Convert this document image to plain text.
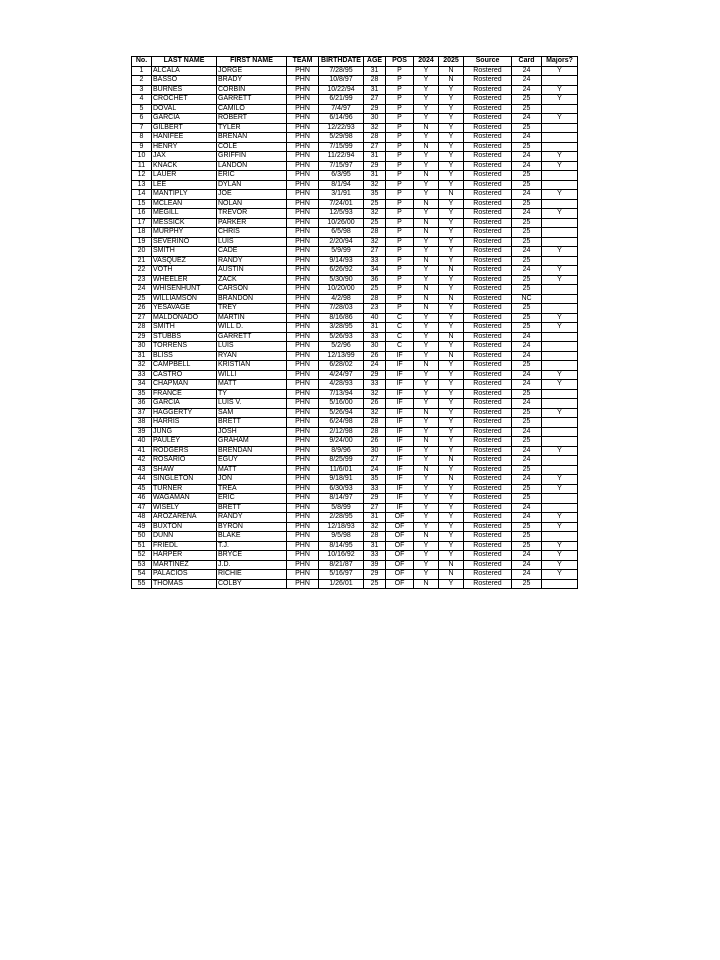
No.	LAST NAME	FIRST NAME	TEAM	BIRTHDATE	AGE	POS	2024	2025	Source	Card	Majors?
1	ALCALA	JORGE	PHN	7/28/95	31	P	Y	N	Rostered	24	Y
2	BASSO	BRADY	PHN	10/8/97	28	P	Y	N	Rostered	24	
3	BURNES	CORBIN	PHN	10/22/94	31	P	Y	Y	Rostered	24	Y
4	CROCHET	GARRETT	PHN	6/21/99	27	P	Y	Y	Rostered	25	Y
5	DOVAL	CAMILO	PHN	7/4/97	29	P	Y	Y	Rostered	25	
6	GARCIA	ROBERT	PHN	6/14/96	30	P	Y	Y	Rostered	24	Y
7	GILBERT	TYLER	PHN	12/22/93	32	P	N	Y	Rostered	25	
8	HANIFEE	BRENAN	PHN	5/29/98	28	P	Y	Y	Rostered	24	
9	HENRY	COLE	PHN	7/15/99	27	P	N	Y	Rostered	25	
10	JAX	GRIFFIN	PHN	11/22/94	31	P	Y	Y	Rostered	24	Y
11	KNACK	LANDON	PHN	7/15/97	29	P	Y	Y	Rostered	24	Y
12	LAUER	ERIC	PHN	6/3/95	31	P	N	Y	Rostered	25	
13	LEE	DYLAN	PHN	8/1/94	32	P	Y	Y	Rostered	25	
14	MANTIPLY	JOE	PHN	3/1/91	35	P	Y	N	Rostered	24	Y
15	MCLEAN	NOLAN	PHN	7/24/01	25	P	N	Y	Rostered	25	
16	MEGILL	TREVOR	PHN	12/5/93	32	P	Y	Y	Rostered	24	Y
17	MESSICK	PARKER	PHN	10/26/00	25	P	N	Y	Rostered	25	
18	MURPHY	CHRIS	PHN	6/5/98	28	P	N	Y	Rostered	25	
19	SEVERINO	LUIS	PHN	2/20/94	32	P	Y	Y	Rostered	25	
20	SMITH	CADE	PHN	5/9/99	27	P	Y	Y	Rostered	24	Y
21	VASQUEZ	RANDY	PHN	9/14/93	33	P	N	Y	Rostered	25	
22	VOTH	AUSTIN	PHN	6/26/92	34	P	Y	N	Rostered	24	Y
23	WHEELER	ZACK	PHN	5/30/90	36	P	Y	Y	Rostered	25	Y
24	WHISENHUNT	CARSON	PHN	10/20/00	25	P	N	Y	Rostered	25	
25	WILLIAMSON	BRANDON	PHN	4/2/98	28	P	N	N	Rostered	NC	
26	YESAVAGE	TREY	PHN	7/28/03	23	P	N	Y	Rostered	25	
27	MALDONADO	MARTIN	PHN	8/16/86	40	C	Y	Y	Rostered	25	Y
28	SMITH	WILL D.	PHN	3/28/95	31	C	Y	Y	Rostered	25	Y
29	STUBBS	GARRETT	PHN	5/26/93	33	C	Y	N	Rostered	24	
30	TORRENS	LUIS	PHN	5/2/96	30	C	Y	Y	Rostered	24	
31	BLISS	RYAN	PHN	12/13/99	26	IF	Y	N	Rostered	24	
32	CAMPBELL	KRISTIAN	PHN	6/28/02	24	IF	N	Y	Rostered	25	
33	CASTRO	WILLI	PHN	4/24/97	29	IF	Y	Y	Rostered	24	Y
34	CHAPMAN	MATT	PHN	4/28/93	33	IF	Y	Y	Rostered	24	Y
35	FRANCE	TY	PHN	7/13/94	32	IF	Y	Y	Rostered	25	
36	GARCIA	LUIS V.	PHN	5/16/00	26	IF	Y	Y	Rostered	24	
37	HAGGERTY	SAM	PHN	5/26/94	32	IF	N	Y	Rostered	25	Y
38	HARRIS	BRETT	PHN	6/24/98	28	IF	Y	Y	Rostered	25	
39	JUNG	JOSH	PHN	2/12/98	28	IF	Y	Y	Rostered	24	
40	PAULEY	GRAHAM	PHN	9/24/00	26	IF	N	Y	Rostered	25	
41	RODGERS	BRENDAN	PHN	8/9/96	30	IF	Y	Y	Rostered	24	Y
42	ROSARIO	EGUY	PHN	8/25/99	27	IF	Y	N	Rostered	24	
43	SHAW	MATT	PHN	11/6/01	24	IF	N	Y	Rostered	25	
44	SINGLETON	JON	PHN	9/18/91	35	IF	Y	N	Rostered	24	Y
45	TURNER	TREA	PHN	6/30/93	33	IF	Y	Y	Rostered	25	Y
46	WAGAMAN	ERIC	PHN	8/14/97	29	IF	Y	Y	Rostered	25	
47	WISELY	BRETT	PHN	5/8/99	27	IF	Y	Y	Rostered	24	
48	AROZARENA	RANDY	PHN	2/28/95	31	OF	Y	Y	Rostered	24	Y
49	BUXTON	BYRON	PHN	12/18/93	32	OF	Y	Y	Rostered	25	Y
50	DUNN	BLAKE	PHN	9/5/98	28	OF	N	Y	Rostered	25	
51	FRIEDL	T.J.	PHN	8/14/95	31	OF	Y	Y	Rostered	25	Y
52	HARPER	BRYCE	PHN	10/16/92	33	OF	Y	Y	Rostered	24	Y
53	MARTINEZ	J.D.	PHN	8/21/87	39	OF	Y	N	Rostered	24	Y
54	PALACIOS	RICHIE	PHN	5/16/97	29	OF	Y	N	Rostered	24	Y
55	THOMAS	COLBY	PHN	1/26/01	25	OF	N	Y	Rostered	25	
